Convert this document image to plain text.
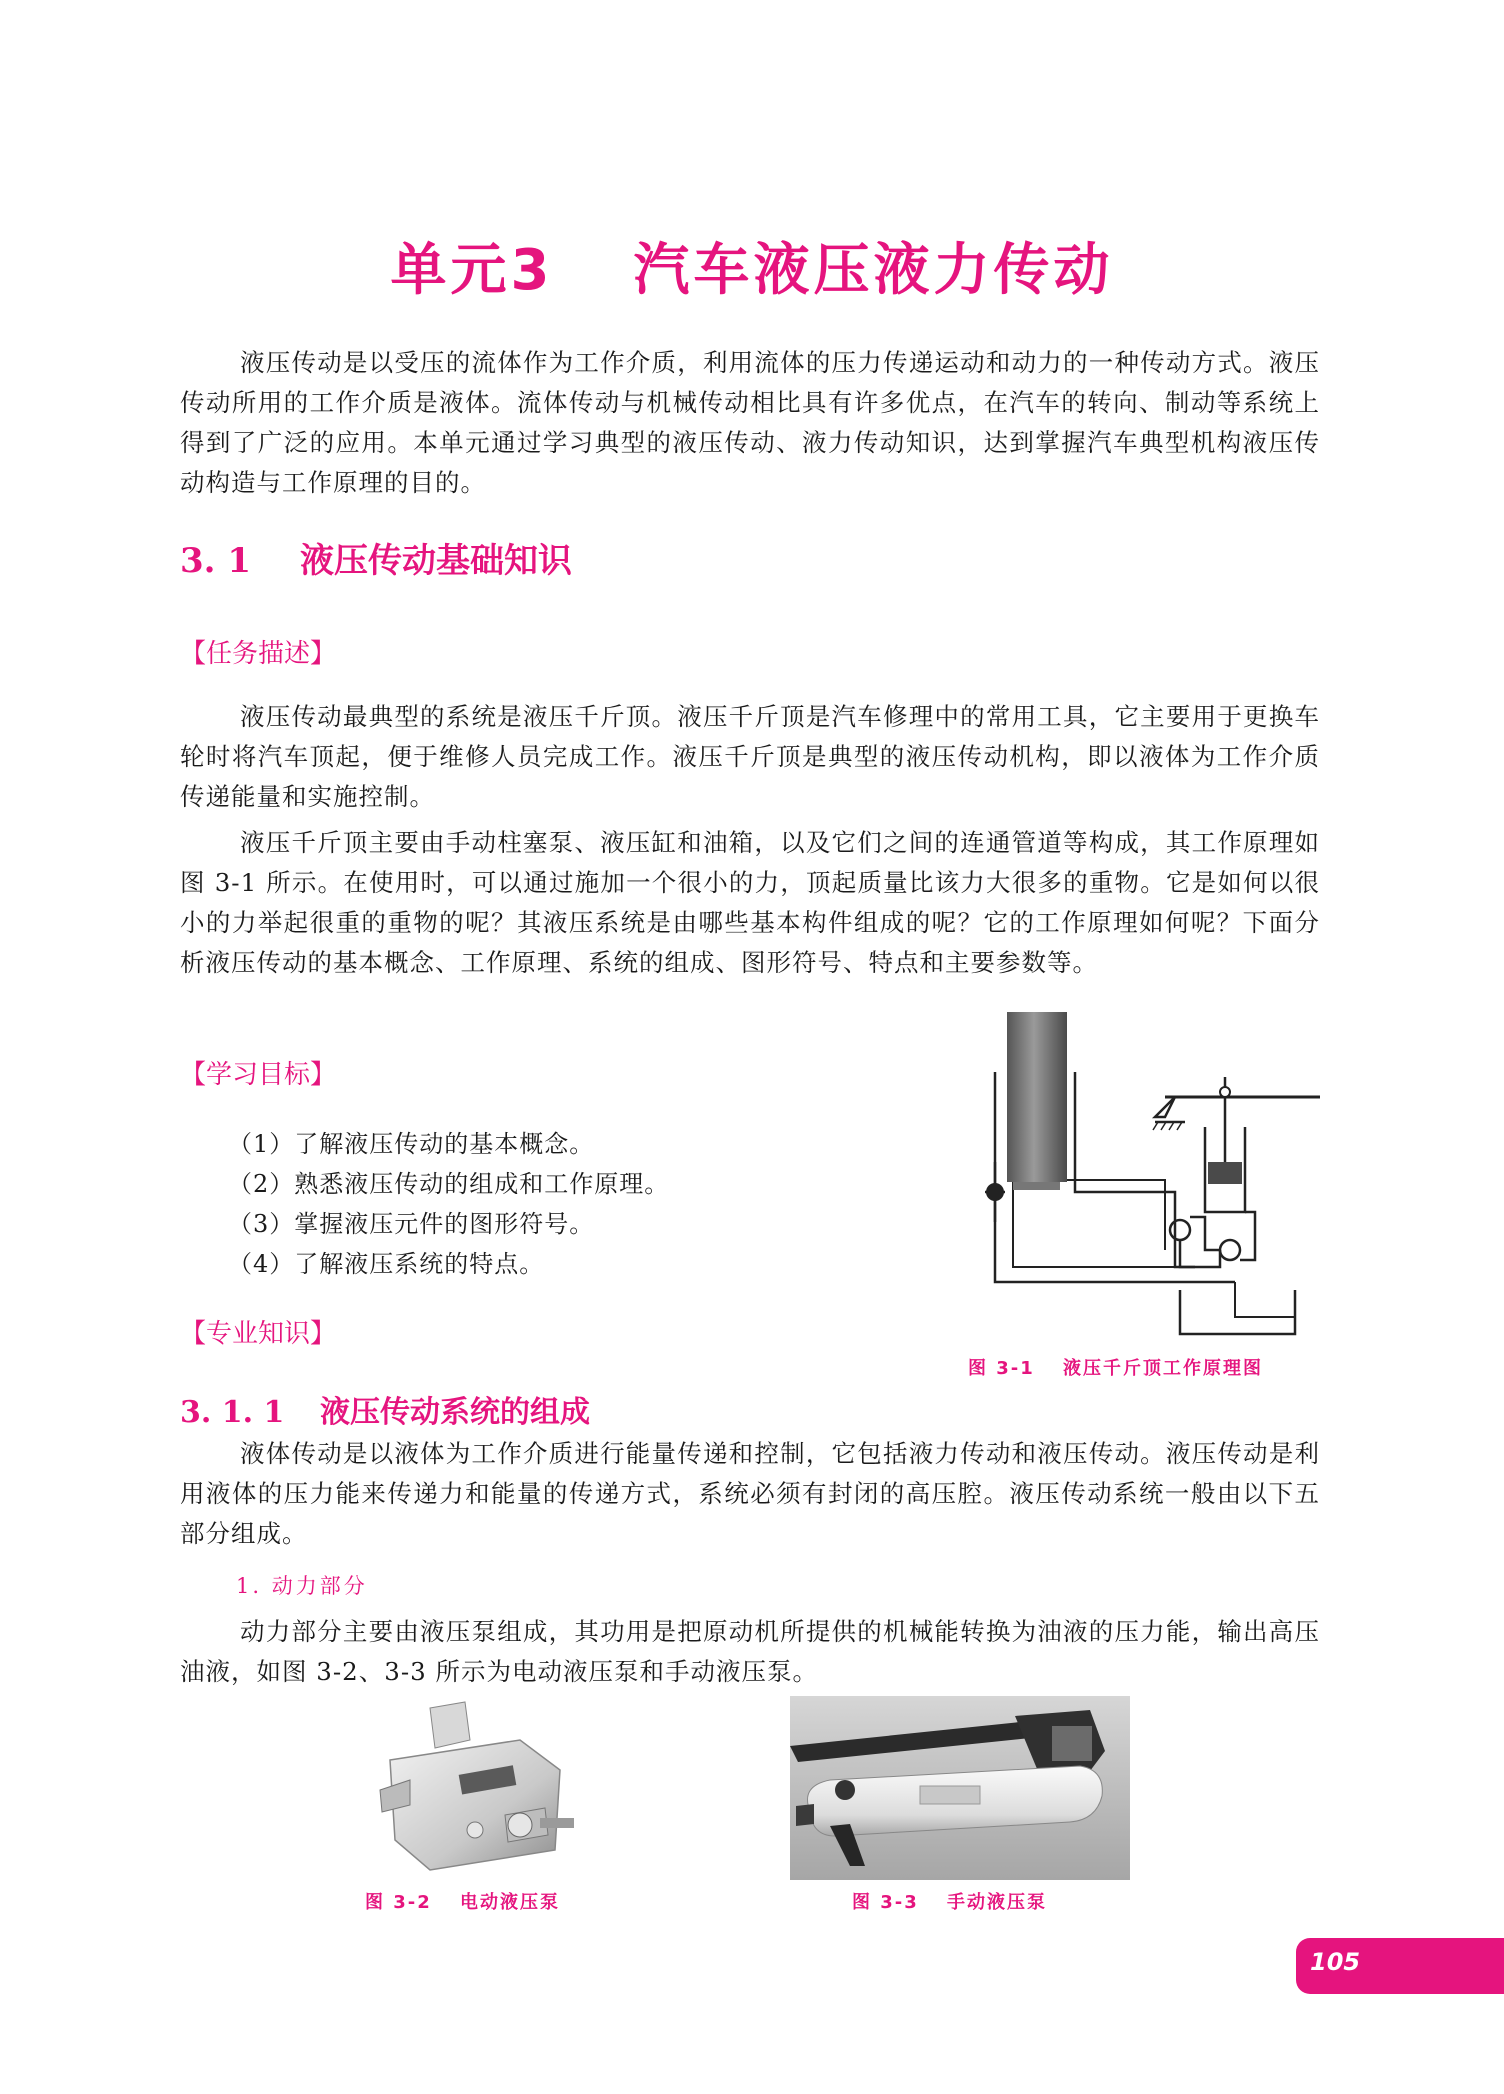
单元3 汽车液压液力传动

液压传动是以受压的流体作为工作介质，利用流体的压力传递运动和动力的一种传动方式。液压传动所用的工作介质是液体。流体传动与机械传动相比具有许多优点，在汽车的转向、制动等系统上得到了广泛的应用。本单元通过学习典型的液压传动、液力传动知识，达到掌握汽车典型机构液压传动构造与工作原理的目的。

3. 1 液压传动基础知识
【任务描述】

液压传动最典型的系统是液压千斤顶。液压千斤顶是汽车修理中的常用工具，它主要用于更换车轮时将汽车顶起，便于维修人员完成工作。液压千斤顶是典型的液压传动机构，即以液体为工作介质传递能量和实施控制。

液压千斤顶主要由手动柱塞泵、液压缸和油箱，以及它们之间的连通管道等构成，其工作原理如图 3-1 所示。在使用时，可以通过施加一个很小的力，顶起质量比该力大很多的重物。它是如何以很小的力举起很重的重物的呢？其液压系统是由哪些基本构件组成的呢？它的工作原理如何呢？下面分析液压传动的基本概念、工作原理、系统的组成、图形符号、特点和主要参数等。

【学习目标】
（1）了解液压传动的基本概念。
（2）熟悉液压传动的组成和工作原理。
（3）掌握液压元件的图形符号。
（4）了解液压系统的特点。
【专业知识】
图 3-1 液压千斤顶工作原理图
3. 1. 1 液压传动系统的组成

液体传动是以液体为工作介质进行能量传递和控制，它包括液力传动和液压传动。液压传动是利用液体的压力能来传递力和能量的传递方式，系统必须有封闭的高压腔。液压传动系统一般由以下五部分组成。

1. 动力部分

动力部分主要由液压泵组成，其功用是把原动机所提供的机械能转换为油液的压力能，输出高压油液，如图 3-2、3-3 所示为电动液压泵和手动液压泵。

图 3-2 电动液压泵	图 3-3 手动液压泵
105
